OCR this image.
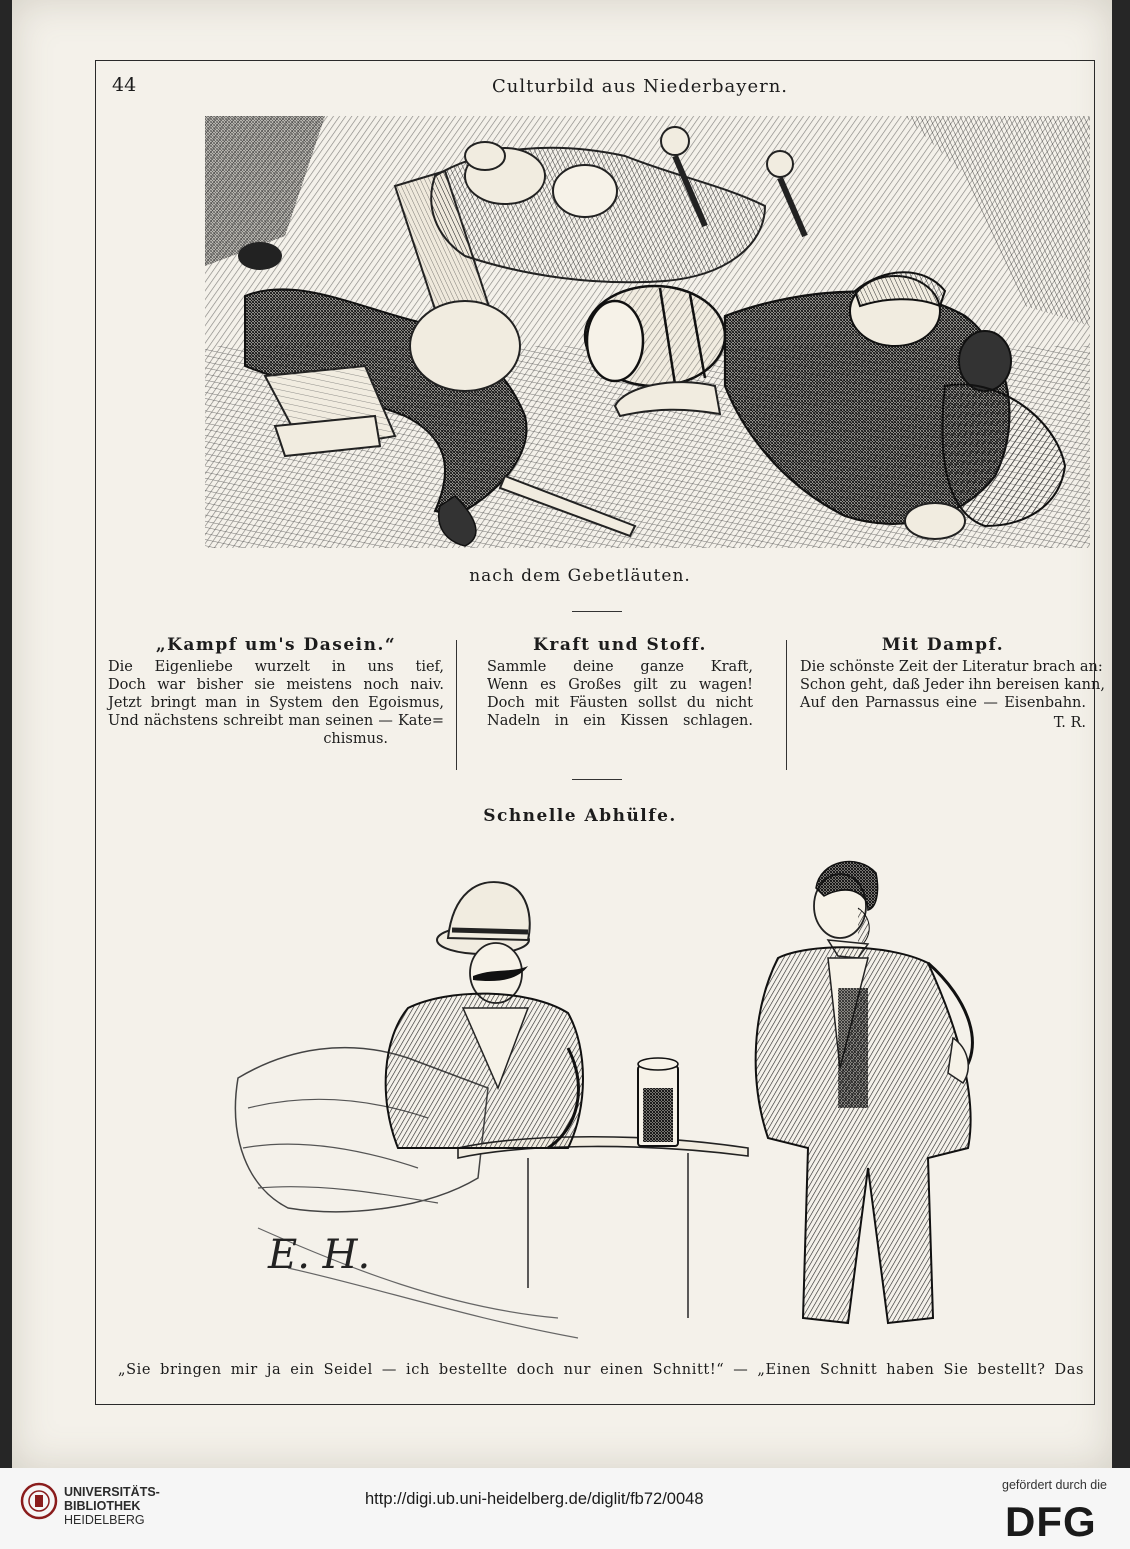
44	Culturbild aus Niederbayern.
nach dem Gebetläuten.
„Kampf um's Dasein.“
Die Eigenliebe wurzelt in uns tief,
Doch war bisher sie meistens noch naiv.
Jetzt bringt man in System den Egoismus,
Und nächstens schreibt man seinen — Kate=
chismus.
Kraft und Stoff.
Sammle deine ganze Kraft,
Wenn es Großes gilt zu wagen!
Doch mit Fäusten sollst du nicht
Nadeln in ein Kissen schlagen.
Mit Dampf.
Die schönste Zeit der Literatur brach an:
Schon geht, daß Jeder ihn bereisen kann,
Auf den Parnassus eine — Eisenbahn.
T. R.
Schnelle Abhülfe.
E. H.
„Sie bringen mir ja ein Seidel — ich bestellte doch nur einen Schnitt!“ — „Einen Schnitt haben Sie bestellt? Das
UNIVERSITÄTS-
BIBLIOTHEK
HEIDELBERG
http://digi.ub.uni-heidelberg.de/diglit/fb72/0048
gefördert durch die
DFG
